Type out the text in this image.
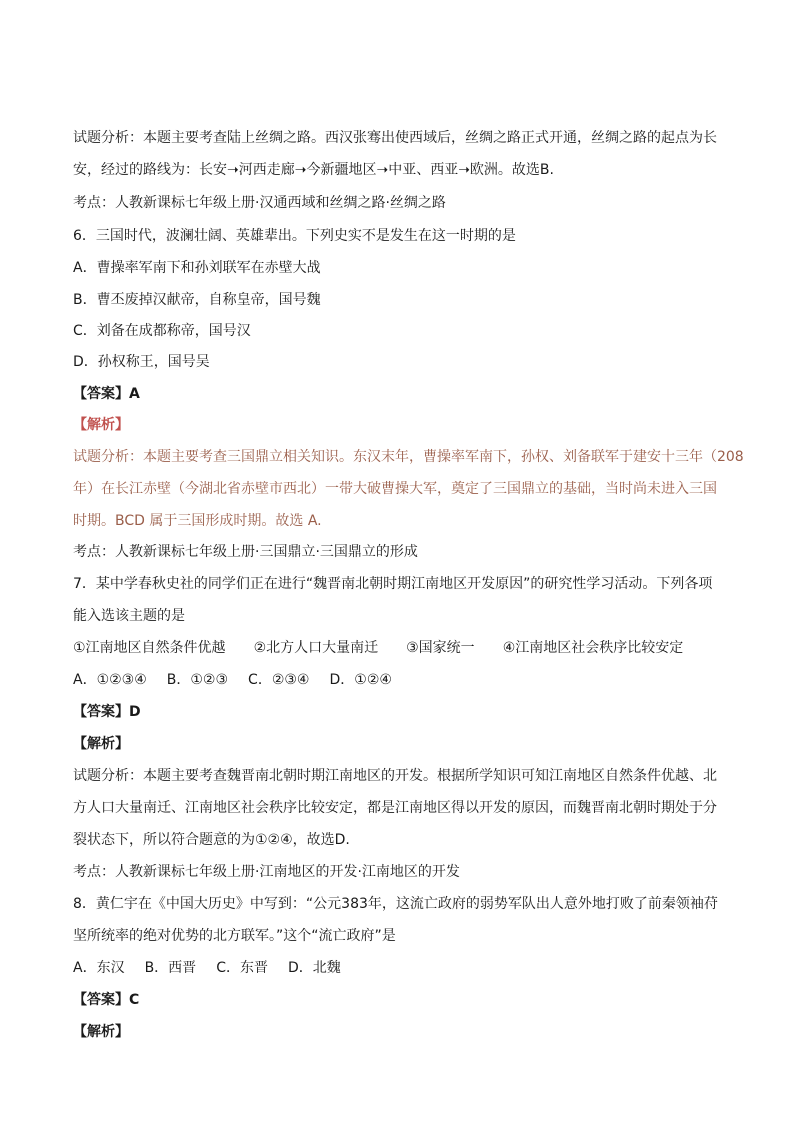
试题分析：本题主要考查陆上丝绸之路。西汉张骞出使西域后，丝绸之路正式开通，丝绸之路的起点为长
安，经过的路线为：长安➝河西走廊➝今新疆地区➝中亚、西亚➝欧洲。故选B.
考点：人教新课标七年级上册·汉通西域和丝绸之路·丝绸之路
6．三国时代，波澜壮阔、英雄辈出。下列史实不是发生在这一时期的是
A．曹操率军南下和孙刘联军在赤壁大战
B．曹丕废掉汉献帝，自称皇帝，国号魏
C．刘备在成都称帝，国号汉
D．孙权称王，国号吴
【答案】A
【解析】
试题分析：本题主要考查三国鼎立相关知识。东汉末年，曹操率军南下，孙权、刘备联军于建安十三年（208
年）在长江赤壁（今湖北省赤壁市西北）一带大破曹操大军，奠定了三国鼎立的基础，当时尚未进入三国
时期。BCD 属于三国形成时期。故选 A.
考点：人教新课标七年级上册·三国鼎立·三国鼎立的形成
7．某中学春秋史社的同学们正在进行“魏晋南北朝时期江南地区开发原因”的研究性学习活动。下列各项
能入选该主题的是
①江南地区自然条件优越 ②北方人口大量南迁 ③国家统一 ④江南地区社会秩序比较安定
A．①②③④ B．①②③ C．②③④ D．①②④
【答案】D
【解析】
试题分析：本题主要考查魏晋南北朝时期江南地区的开发。根据所学知识可知江南地区自然条件优越、北
方人口大量南迁、江南地区社会秩序比较安定，都是江南地区得以开发的原因，而魏晋南北朝时期处于分
裂状态下，所以符合题意的为①②④，故选D.
考点：人教新课标七年级上册·江南地区的开发·江南地区的开发
8．黄仁宇在《中国大历史》中写到：“公元383年，这流亡政府的弱势军队出人意外地打败了前秦领袖苻
坚所统率的绝对优势的北方联军。”这个“流亡政府”是
A．东汉 B．西晋 C．东晋 D．北魏
【答案】C
【解析】
